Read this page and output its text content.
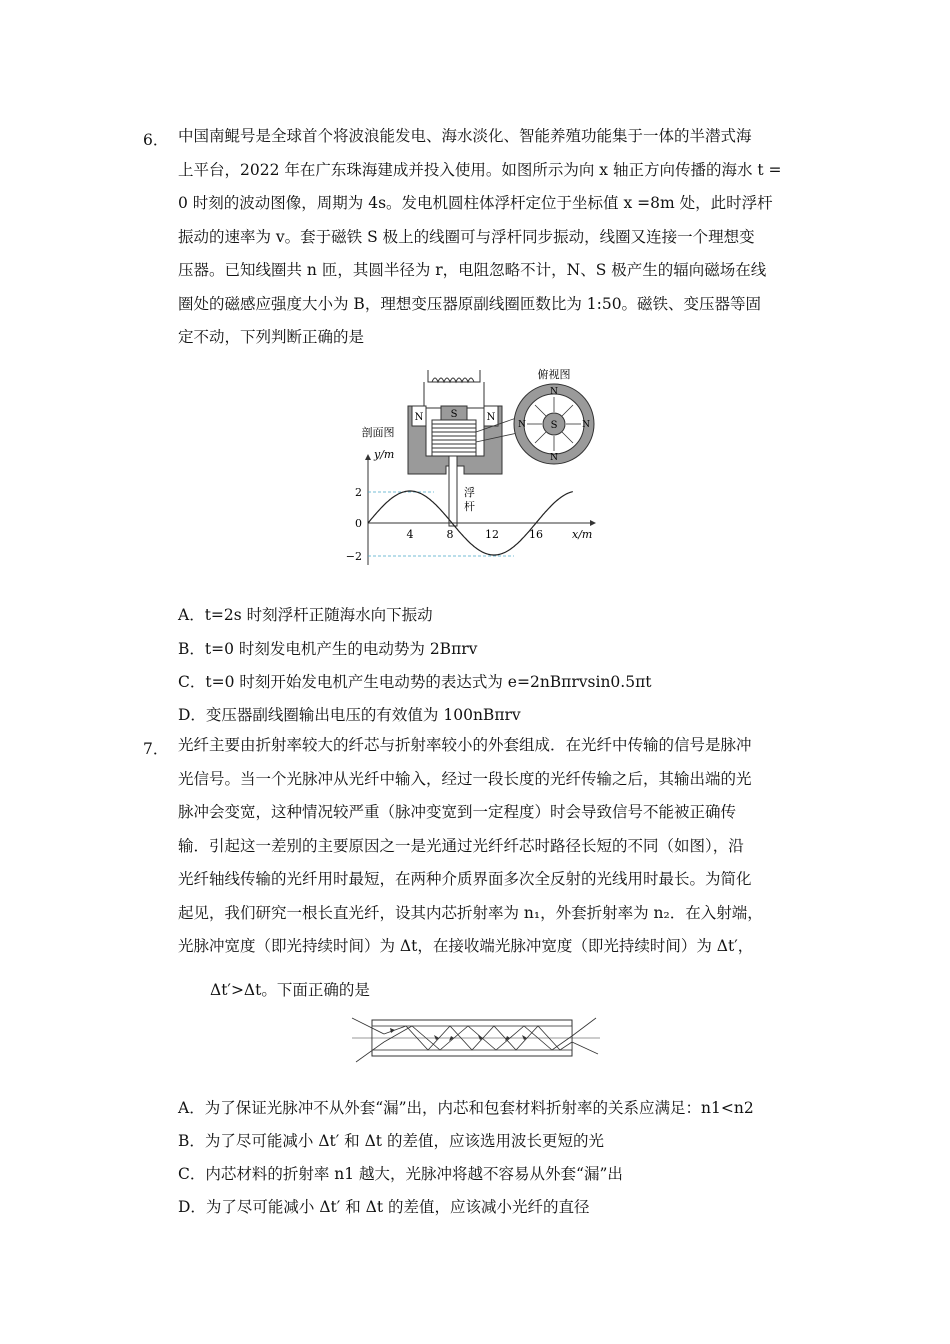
6． 中国南鲲号是全球首个将波浪能发电、海水淡化、智能养殖功能集于一体的半潜式海
上平台，2022 年在广东珠海建成并投入使用。如图所示为向 x 轴正方向传播的海水 t =
0 时刻的波动图像，周期为 4s。发电机圆柱体浮杆定位于坐标值 x =8m 处，此时浮杆
振动的速率为 v。套于磁铁 S 极上的线圈可与浮杆同步振动，线圈又连接一个理想变
压器。已知线圈共 n 匝，其圆半径为 r，电阻忽略不计，N、S 极产生的辐向磁场在线
圈处的磁感应强度大小为 B，理想变压器原副线圈匝数比为 1:50。磁铁、变压器等固
定不动，下列判断正确的是
N	N
S
剖面图
浮
杆
俯视图
S
N
N
N	N
y/m
x/m
2
0
−2
4	8	12	16
A．t=2s 时刻浮杆正随海水向下振动
B．t=0 时刻发电机产生的电动势为 2Bπrv
C．t=0 时刻开始发电机产生电动势的表达式为 e=2nBπrvsin0.5πt
D．变压器副线圈输出电压的有效值为 100nBπrv
7． 光纤主要由折射率较大的纤芯与折射率较小的外套组成．在光纤中传输的信号是脉冲
光信号。当一个光脉冲从光纤中输入，经过一段长度的光纤传输之后，其输出端的光
脉冲会变宽，这种情况较严重（脉冲变宽到一定程度）时会导致信号不能被正确传
输．引起这一差别的主要原因之一是光通过光纤纤芯时路径长短的不同（如图），沿
光纤轴线传输的光纤用时最短，在两种介质界面多次全反射的光线用时最长。为简化
起见，我们研究一根长直光纤，设其内芯折射率为 n₁，外套折射率为 n₂．在入射端，
光脉冲宽度（即光持续时间）为 Δt，在接收端光脉冲宽度（即光持续时间）为 Δt′，
Δt′>Δt。下面正确的是
A．为了保证光脉冲不从外套“漏”出，内芯和包套材料折射率的关系应满足：n1<n2
B．为了尽可能减小 Δt′ 和 Δt 的差值，应该选用波长更短的光
C．内芯材料的折射率 n1 越大，光脉冲将越不容易从外套“漏”出
D．为了尽可能减小 Δt′ 和 Δt 的差值，应该减小光纤的直径
